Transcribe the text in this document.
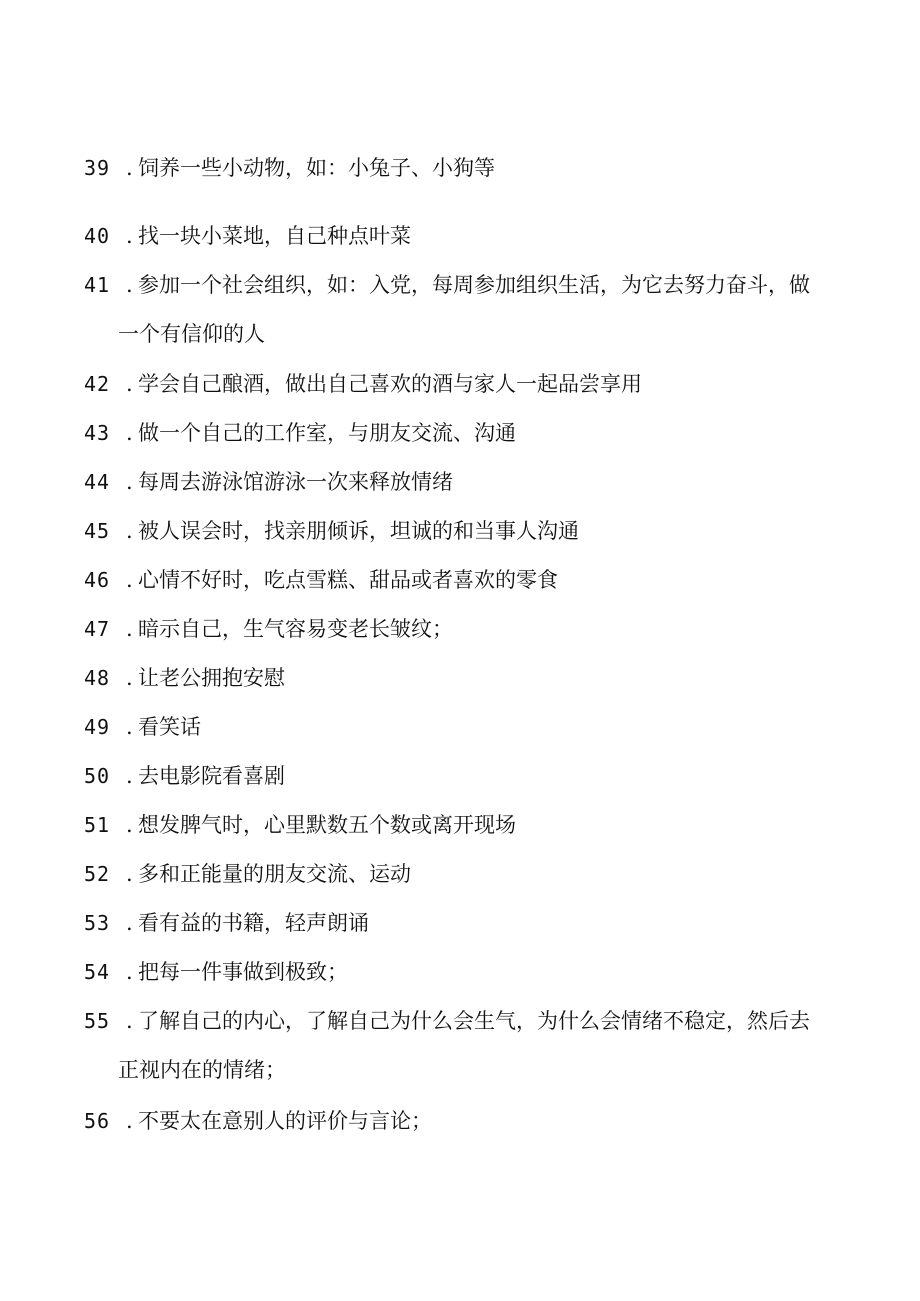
39 . 饲养一些小动物，如：小兔子、小狗等
40 . 找一块小菜地，自己种点叶菜
41 . 参加一个社会组织，如：入党，每周参加组织生活，为它去努力奋斗，做
一个有信仰的人
42 . 学会自己酿酒，做出自己喜欢的酒与家人一起品尝享用
43 . 做一个自己的工作室，与朋友交流、沟通
44 . 每周去游泳馆游泳一次来释放情绪
45 . 被人误会时，找亲朋倾诉，坦诚的和当事人沟通
46 . 心情不好时，吃点雪糕、甜品或者喜欢的零食
47 . 暗示自己，生气容易变老长皱纹；
48 . 让老公拥抱安慰
49 . 看笑话
50 . 去电影院看喜剧
51 . 想发脾气时，心里默数五个数或离开现场
52 . 多和正能量的朋友交流、运动
53 . 看有益的书籍，轻声朗诵
54 . 把每一件事做到极致；
55 . 了解自己的内心，了解自己为什么会生气，为什么会情绪不稳定，然后去
正视内在的情绪；
56 . 不要太在意别人的评价与言论；
